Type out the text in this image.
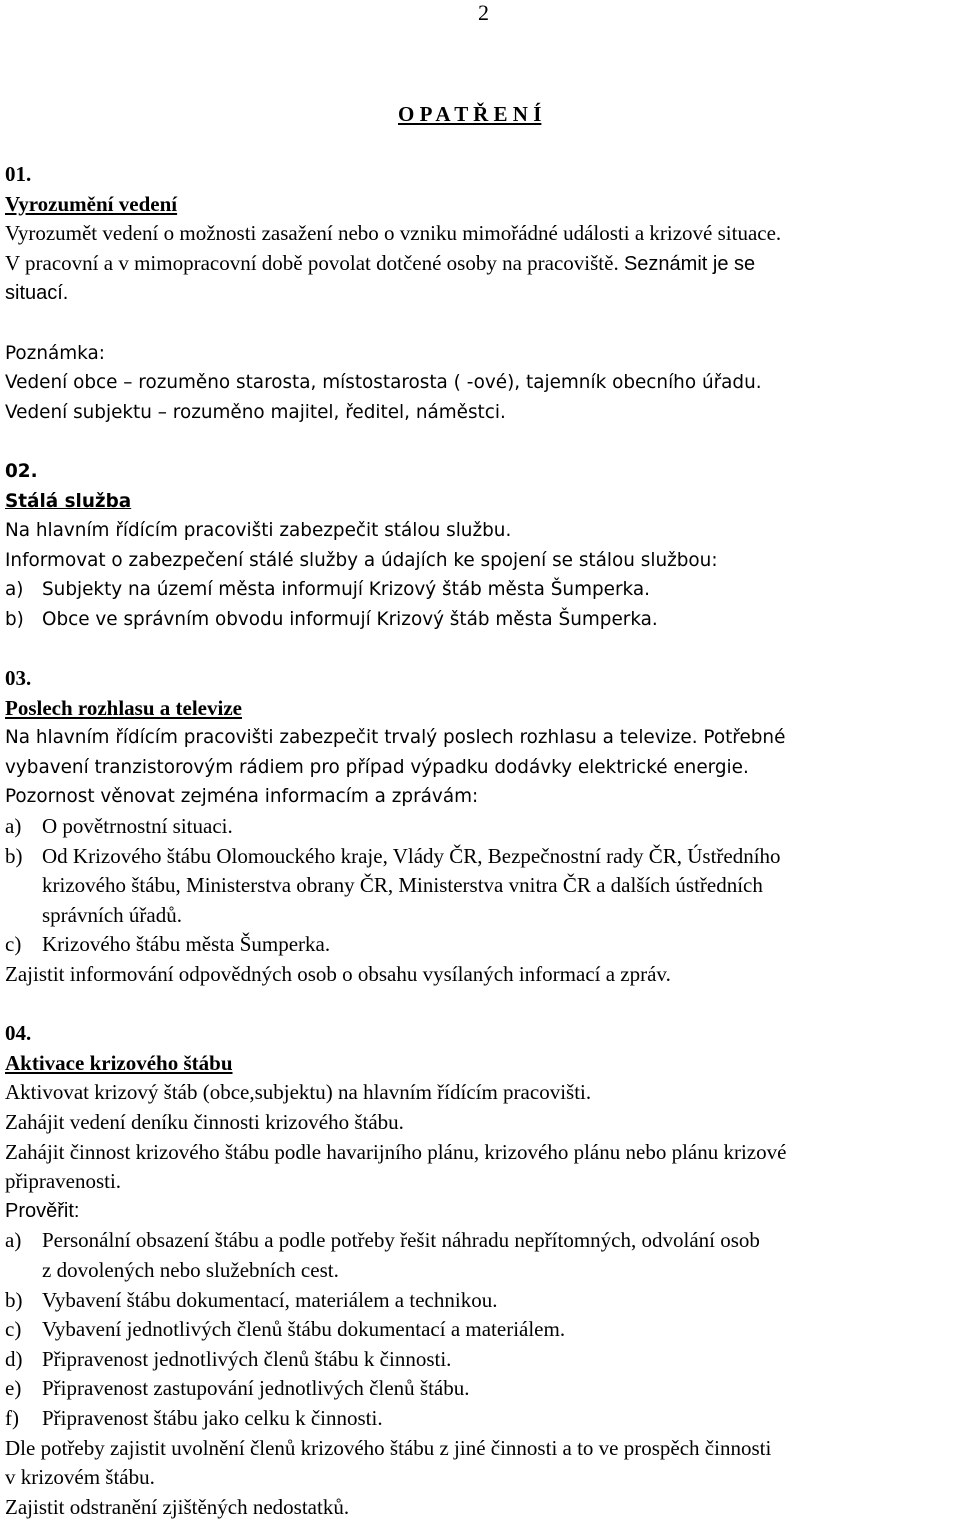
2
O P A T Ř E N Í
01.
Vyrozumění vedení
Vyrozumět vedení o možnosti zasažení nebo o vzniku mimořádné události a krizové situace.
V pracovní a v mimopracovní době povolat dotčené osoby na pracoviště. Seznámit je se
situací.
Poznámka:
Vedení obce – rozuměno starosta, místostarosta ( -ové), tajemník obecního úřadu.
Vedení subjektu – rozuměno majitel, ředitel, náměstci.
02.
Stálá služba
Na hlavním řídícím pracovišti zabezpečit stálou službu.
Informovat o zabezpečení stálé služby a údajích ke spojení se stálou službou:
a)	Subjekty na území města informují Krizový štáb města Šumperka.
b) Obce ve správním obvodu informují Krizový štáb města Šumperka.
03.
Poslech rozhlasu a televize
Na hlavním řídícím pracovišti zabezpečit trvalý poslech rozhlasu a televize. Potřebné
vybavení tranzistorovým rádiem pro případ výpadku dodávky elektrické energie.
Pozornost věnovat zejména informacím a zprávám:
a) O povětrnostní situaci.
b) Od Krizového štábu Olomouckého kraje, Vlády ČR, Bezpečnostní rady ČR, Ústředního
krizového štábu, Ministerstva obrany ČR, Ministerstva vnitra ČR a dalších ústředních
správních úřadů.
c) Krizového štábu města Šumperka.
Zajistit informování odpovědných osob o obsahu vysílaných informací a zpráv.
04.
Aktivace krizového štábu
Aktivovat krizový štáb (obce,subjektu) na hlavním řídícím pracovišti.
Zahájit vedení deníku činnosti krizového štábu.
Zahájit činnost krizového štábu podle havarijního plánu, krizového plánu nebo plánu krizové
připravenosti.
Prověřit:
a) Personální obsazení štábu a podle potřeby řešit náhradu nepřítomných, odvolání osob
z dovolených nebo služebních cest.
b) Vybavení štábu dokumentací, materiálem a technikou.
c) Vybavení jednotlivých členů štábu dokumentací a materiálem.
d) Připravenost jednotlivých členů štábu k činnosti.
e) Připravenost zastupování jednotlivých členů štábu.
f)	Připravenost štábu jako celku k činnosti.
Dle potřeby zajistit uvolnění členů krizového štábu z jiné činnosti a to ve prospěch činnosti
v krizovém štábu.
Zajistit odstranění zjištěných nedostatků.
